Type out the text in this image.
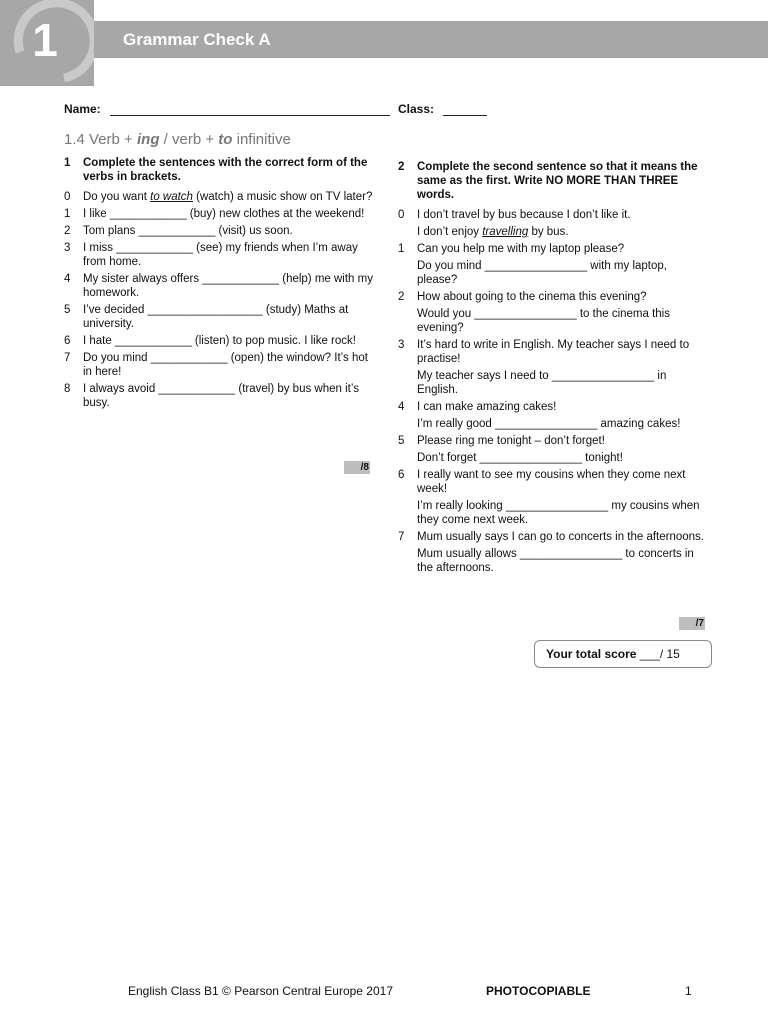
1	Grammar Check A
Name:	Class:
1.4 Verb + ing / verb + to infinitive
1	Complete the sentences with the correct form of the verbs in brackets.
0	Do you want to watch (watch) a music show on TV later?
1	I like ____________ (buy) new clothes at the weekend!
2	Tom plans ____________ (visit) us soon.
3	I miss ____________ (see) my friends when I’m away from home.
4	My sister always offers ____________ (help) me with my homework.
5	I’ve decided __________________ (study) Maths at university.
6	I hate ____________ (listen) to pop music. I like rock!
7	Do you mind ____________ (open) the window? It’s hot in here!
8	I always avoid ____________ (travel) by bus when it’s busy.
/8
2	Complete the second sentence so that it means the same as the first. Write NO MORE THAN THREE words.
0	I don’t travel by bus because I don’t like it.
I don’t enjoy travelling by bus.
1	Can you help me with my laptop please?
Do you mind ________________ with my laptop, please?
2	How about going to the cinema this evening?
Would you ________________ to the cinema this evening?
3	It’s hard to write in English. My teacher says I need to practise!
My teacher says I need to ________________ in English.
4	I can make amazing cakes!
I’m really good ________________ amazing cakes!
5	Please ring me tonight – don’t forget!
Don’t forget ________________ tonight!
6	I really want to see my cousins when they come next week!
I’m really looking ________________ my cousins when they come next week.
7	Mum usually says I can go to concerts in the afternoons.
Mum usually allows ________________ to concerts in the afternoons.
/7
Your total score ___/ 15
English Class B1 © Pearson Central Europe 2017	PHOTOCOPIABLE	1
